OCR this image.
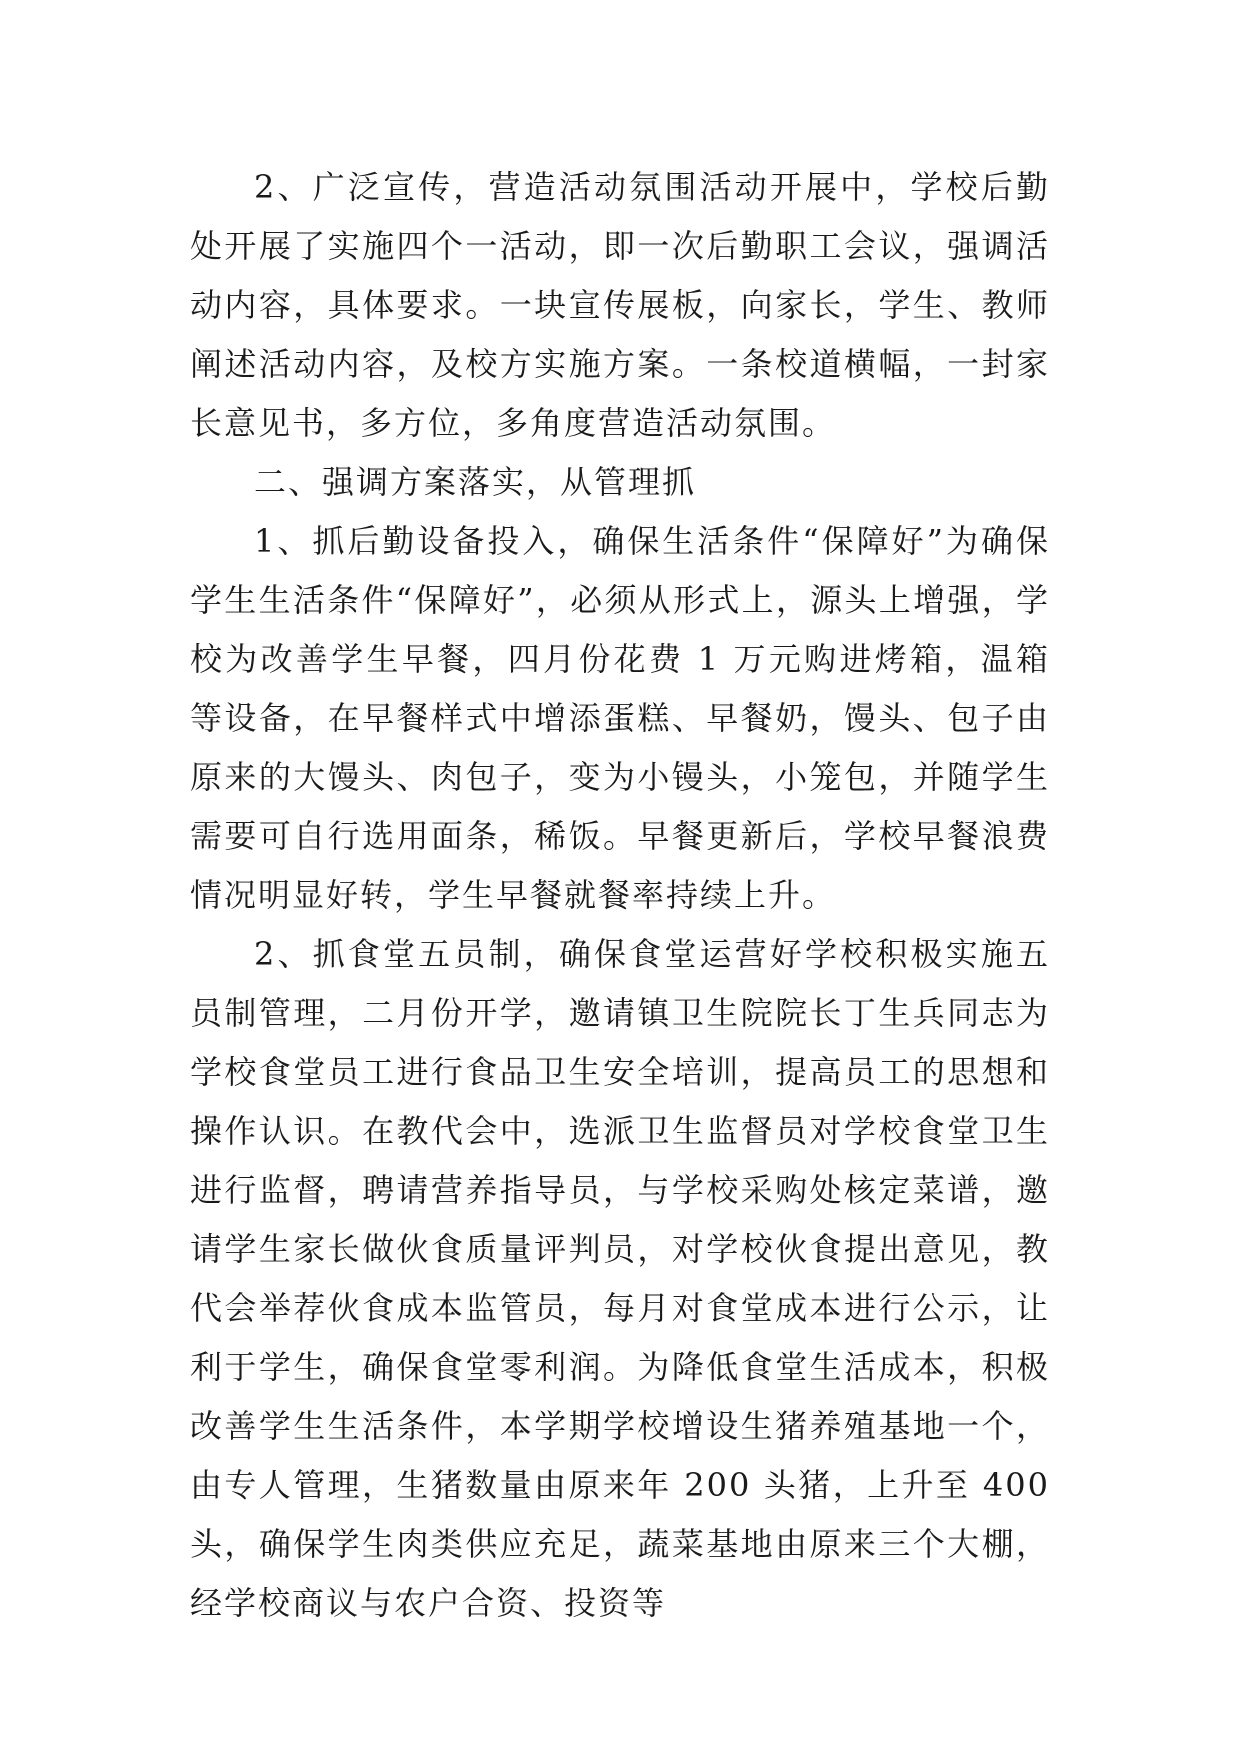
2、广泛宣传，营造活动氛围活动开展中，学校后勤处开展了实施四个一活动，即一次后勤职工会议，强调活动内容，具体要求。一块宣传展板，向家长，学生、教师阐述活动内容，及校方实施方案。一条校道横幅，一封家长意见书，多方位，多角度营造活动氛围。

二、强调方案落实，从管理抓

1、抓后勤设备投入，确保生活条件“保障好”为确保学生生活条件“保障好”，必须从形式上，源头上增强，学校为改善学生早餐，四月份花费 1 万元购进烤箱，温箱等设备，在早餐样式中增添蛋糕、早餐奶，馒头、包子由原来的大馒头、肉包子，变为小镘头，小笼包，并随学生需要可自行选用面条，稀饭。早餐更新后，学校早餐浪费情况明显好转，学生早餐就餐率持续上升。

2、抓食堂五员制，确保食堂运营好学校积极实施五员制管理，二月份开学，邀请镇卫生院院长丁生兵同志为学校食堂员工进行食品卫生安全培训，提高员工的思想和操作认识。在教代会中，选派卫生监督员对学校食堂卫生进行监督，聘请营养指导员，与学校采购处核定菜谱，邀请学生家长做伙食质量评判员，对学校伙食提出意见，教代会举荐伙食成本监管员，每月对食堂成本进行公示，让利于学生，确保食堂零利润。为降低食堂生活成本，积极改善学生生活条件，本学期学校增设生猪养殖基地一个，由专人管理，生猪数量由原来年 200 头猪，上升至 400 头，确保学生肉类供应充足，蔬菜基地由原来三个大棚，经学校商议与农户合资、投资等
